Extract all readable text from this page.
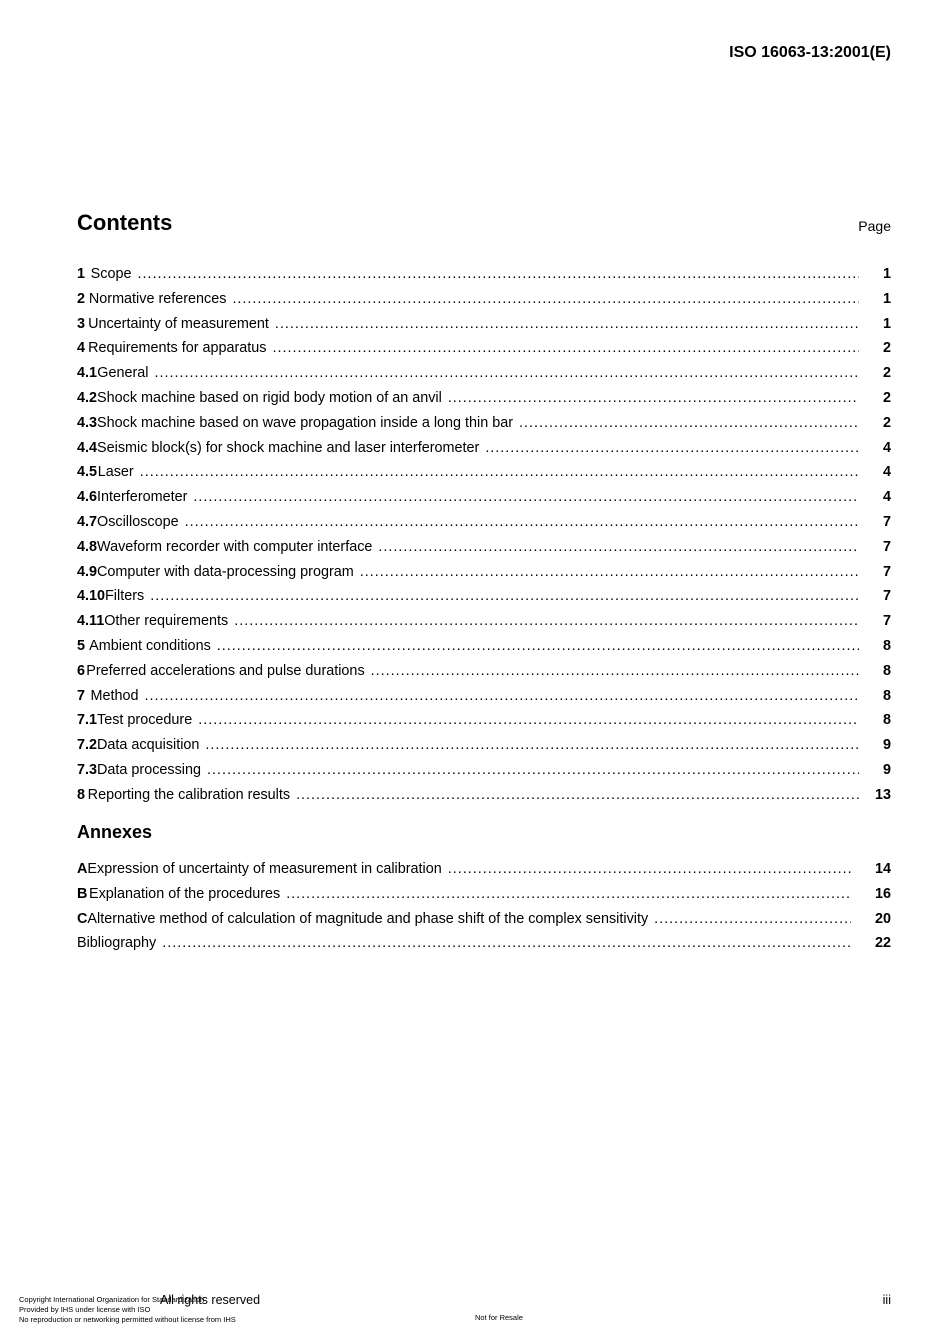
ISO 16063-13:2001(E)
Contents	Page
1 Scope .....	1
2 Normative references .....	1
3 Uncertainty of measurement .....	1
4 Requirements for apparatus .....	2
4.1 General .....	2
4.2 Shock machine based on rigid body motion of an anvil .....	2
4.3 Shock machine based on wave propagation inside a long thin bar .....	2
4.4 Seismic block(s) for shock machine and laser interferometer .....	4
4.5 Laser .....	4
4.6 Interferometer .....	4
4.7 Oscilloscope .....	7
4.8 Waveform recorder with computer interface .....	7
4.9 Computer with data-processing program .....	7
4.10 Filters .....	7
4.11 Other requirements .....	7
5 Ambient conditions .....	8
6 Preferred accelerations and pulse durations .....	8
7 Method .....	8
7.1 Test procedure .....	8
7.2 Data acquisition .....	9
7.3 Data processing .....	9
8 Reporting the calibration results .....	13
Annexes
A Expression of uncertainty of measurement in calibration .....	14
B Explanation of the procedures .....	16
C Alternative method of calculation of magnitude and phase shift of the complex sensitivity .....	20
Bibliography .....	22
All rights reserved	iii
Copyright International Organization for Standardization
Provided by IHS under license with ISO
No reproduction or networking permitted without license from IHS	Not for Resale
